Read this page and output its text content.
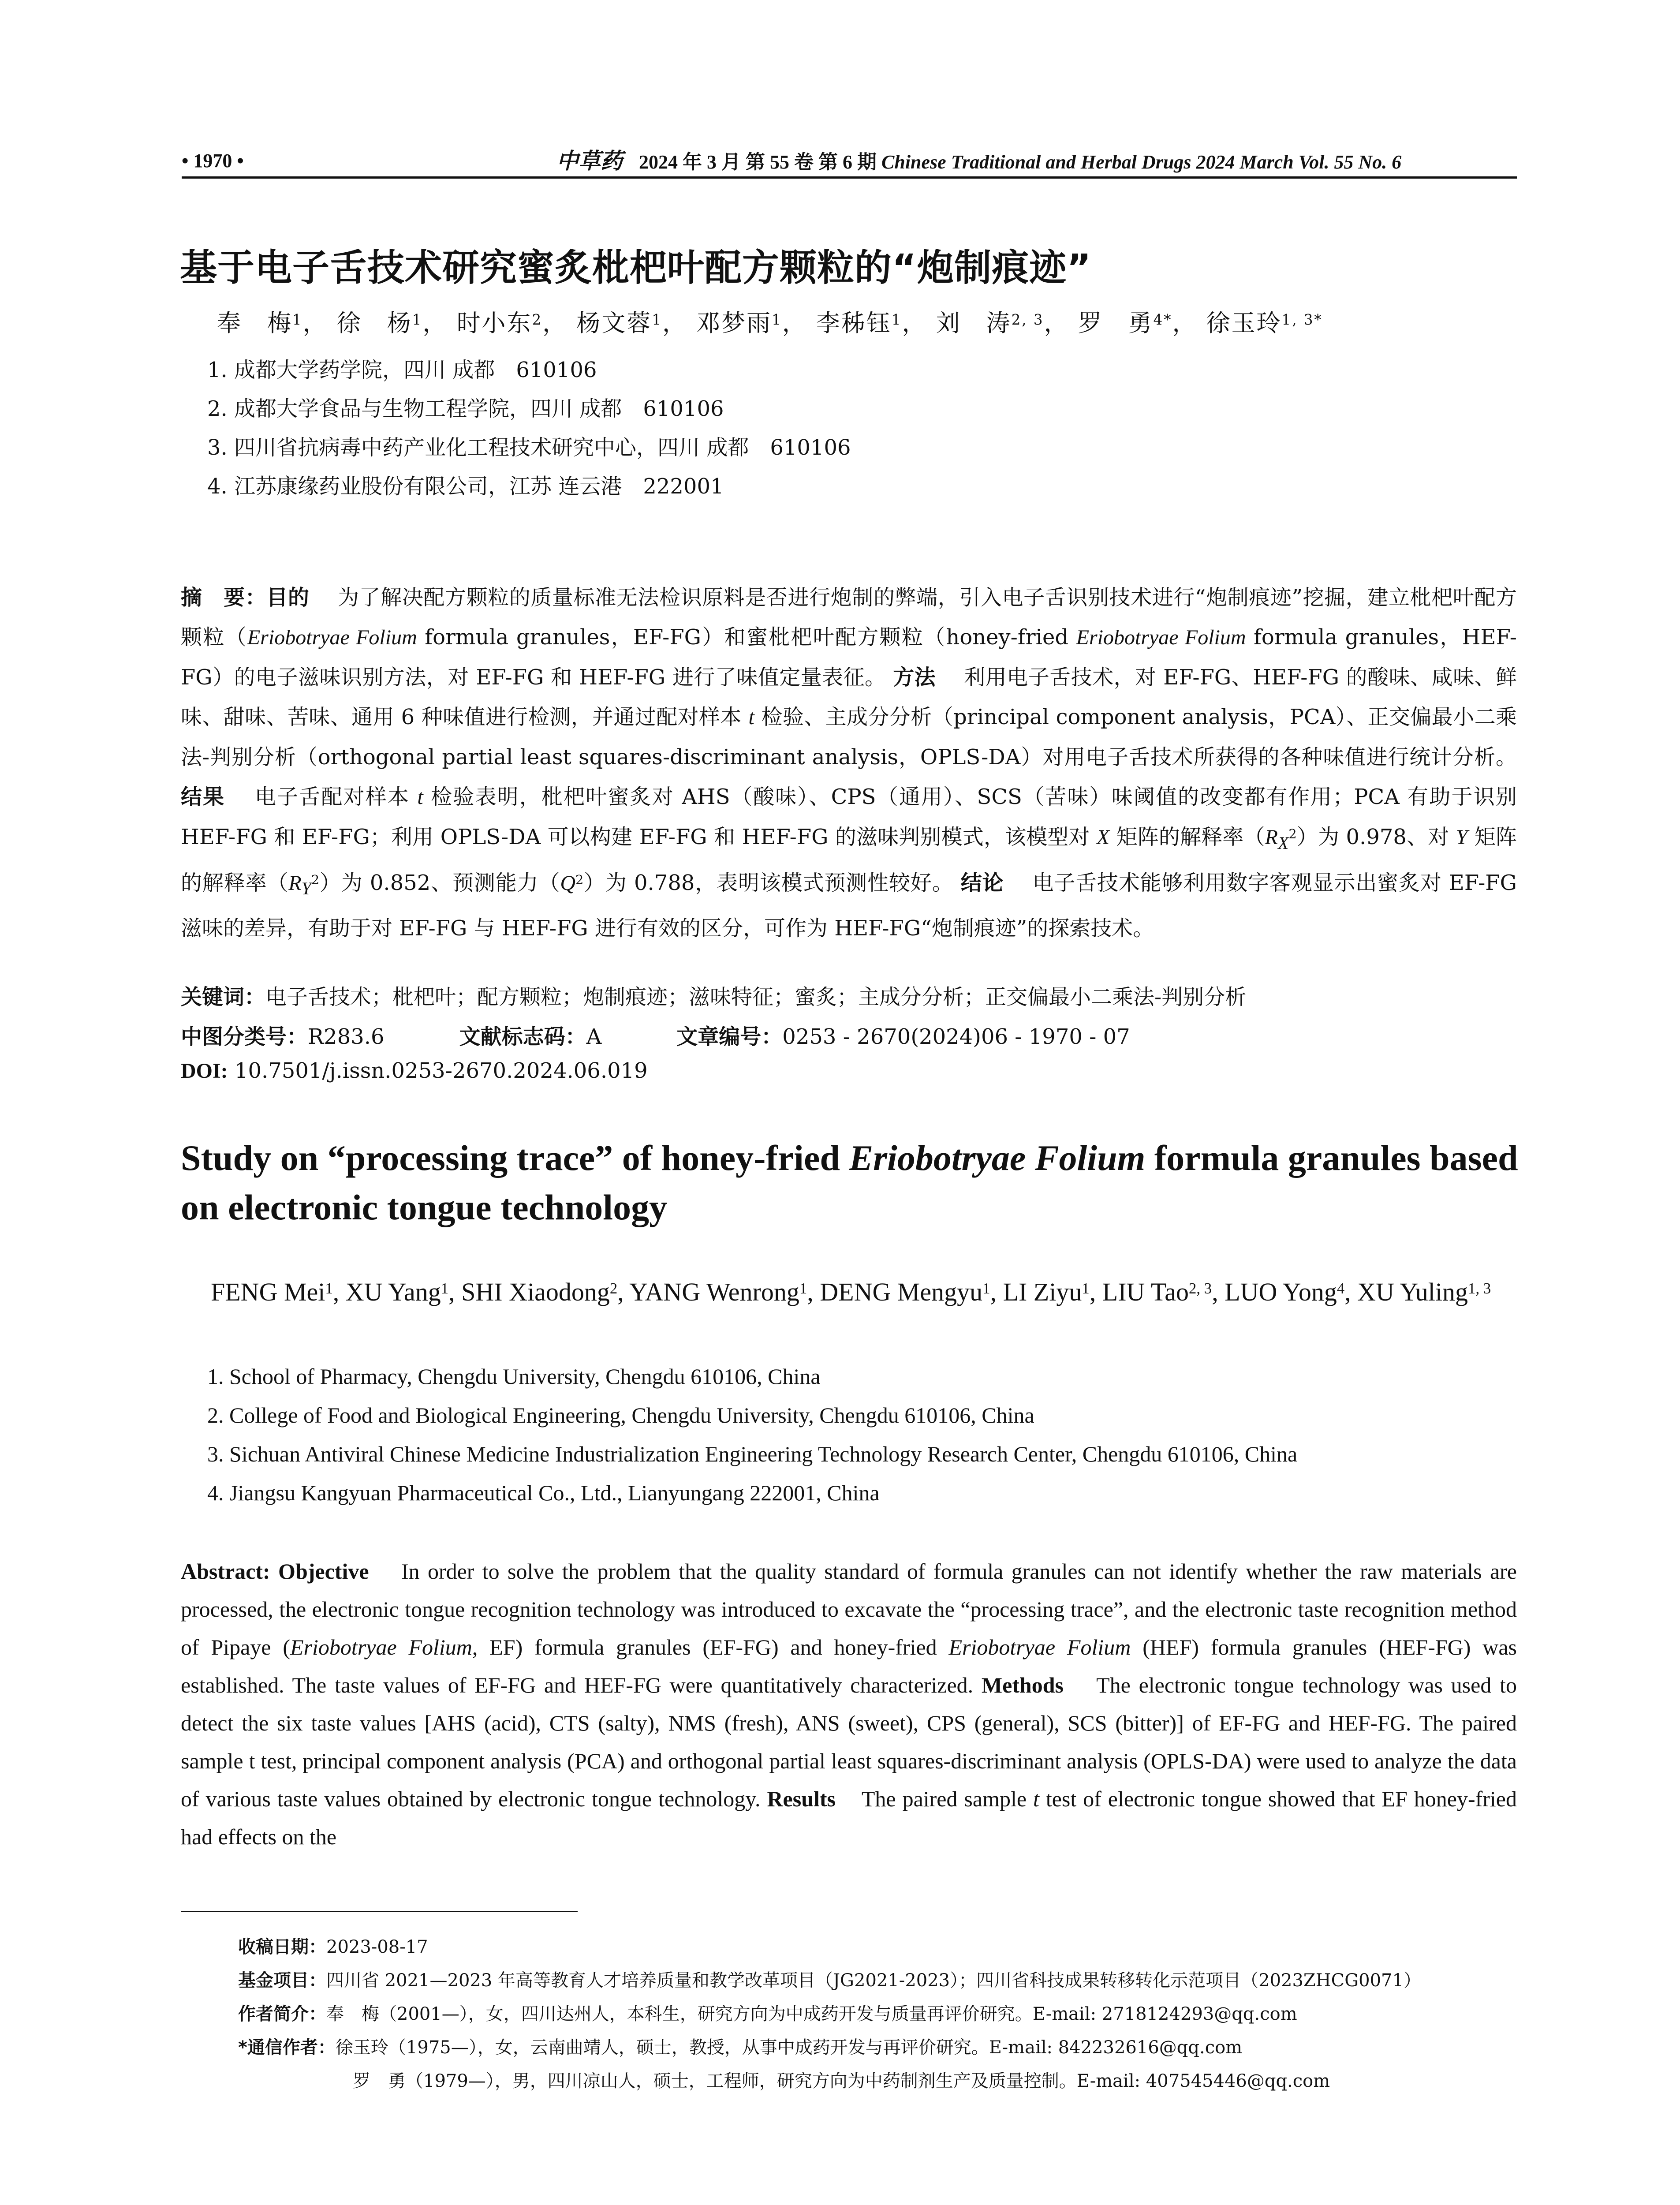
• 1970 •	中草药 2024 年 3 月 第 55 卷 第 6 期 Chinese Traditional and Herbal Drugs 2024 March Vol. 55 No. 6
基于电子舌技术研究蜜炙枇杷叶配方颗粒的“炮制痕迹”
奉　梅$^1$， 徐　杨$^1$， 时小东$^2$， 杨文蓉$^1$， 邓梦雨$^1$， 李秭钰$^1$， 刘　涛$^{2, 3}$， 罗　勇$^{4*}$， 徐玉玲$^{1, 3*}$
1. 成都大学药学院，四川 成都　610106
2. 成都大学食品与生物工程学院，四川 成都　610106
3. 四川省抗病毒中药产业化工程技术研究中心，四川 成都　610106
4. 江苏康缘药业股份有限公司，江苏 连云港　222001
摘　要：目的　 为了解决配方颗粒的质量标准无法检识原料是否进行炮制的弊端，引入电子舌识别技术进行“炮制痕迹”挖掘，建立枇杷叶配方颗粒（Eriobotryae Folium formula granules，EF-FG）和蜜枇杷叶配方颗粒（honey-fried Eriobotryae Folium formula granules，HEF-FG）的电子滋味识别方法，对 EF-FG 和 HEF-FG 进行了味值定量表征。 方法　 利用电子舌技术，对 EF-FG、HEF-FG 的酸味、咸味、鲜味、甜味、苦味、通用 6 种味值进行检测，并通过配对样本 t 检验、主成分分析（principal component analysis，PCA）、正交偏最小二乘法-判别分析（orthogonal partial least squares-discriminant analysis，OPLS-DA）对用电子舌技术所获得的各种味值进行统计分析。 结果　 电子舌配对样本 t 检验表明，枇杷叶蜜炙对 AHS（酸味）、CPS（通用）、SCS（苦味）味阈值的改变都有作用；PCA 有助于识别 HEF-FG 和 EF-FG；利用 OPLS-DA 可以构建 EF-FG 和 HEF-FG 的滋味判别模式，该模型对 X 矩阵的解释率$(R_X^2)$为 0.978、对 Y 矩阵的解释率$(R_Y^2)$为 0.852、预测能力$(Q^2)$为 0.788，表明该模式预测性较好。 结论　 电子舌技术能够利用数字客观显示出蜜炙对 EF-FG 滋味的差异，有助于对 EF-FG 与 HEF-FG 进行有效的区分，可作为 HEF-FG“炮制痕迹”的探索技术。
关键词：电子舌技术；枇杷叶；配方颗粒；炮制痕迹；滋味特征；蜜炙；主成分分析；正交偏最小二乘法-判别分析
中图分类号：R283.6	文献标志码：A	文章编号：0253 - 2670(2024)06 - 1970 - 07
DOI: 10.7501/j.issn.0253-2670.2024.06.019
Study on “processing trace” of honey-fried Eriobotryae Folium formula granules based on electronic tongue technology
FENG Mei$^1$, XU Yang$^1$, SHI Xiaodong$^2$, YANG Wenrong$^1$, DENG Mengyu$^1$, LI Ziyu$^1$, LIU Tao$^{2, 3}$, LUO Yong$^4$, XU Yuling$^{1, 3}$
1. School of Pharmacy, Chengdu University, Chengdu 610106, China
2. College of Food and Biological Engineering, Chengdu University, Chengdu 610106, China
3. Sichuan Antiviral Chinese Medicine Industrialization Engineering Technology Research Center, Chengdu 610106, China
4. Jiangsu Kangyuan Pharmaceutical Co., Ltd., Lianyungang 222001, China
Abstract: Objective In order to solve the problem that the quality standard of formula granules can not identify whether the raw materials are processed, the electronic tongue recognition technology was introduced to excavate the “processing trace”, and the electronic taste recognition method of Pipaye (Eriobotryae Folium, EF) formula granules (EF-FG) and honey-fried Eriobotryae Folium (HEF) formula granules (HEF-FG) was established. The taste values of EF-FG and HEF-FG were quantitatively characterized. Methods The electronic tongue technology was used to detect the six taste values [AHS (acid), CTS (salty), NMS (fresh), ANS (sweet), CPS (general), SCS (bitter)] of EF-FG and HEF-FG. The paired sample t test, principal component analysis (PCA) and orthogonal partial least squares-discriminant analysis (OPLS-DA) were used to analyze the data of various taste values obtained by electronic tongue technology. Results The paired sample t test of electronic tongue showed that EF honey-fried had effects on the
收稿日期：2023-08-17
基金项目：四川省 2021—2023 年高等教育人才培养质量和教学改革项目（JG2021-2023）；四川省科技成果转移转化示范项目（2023ZHCG0071）
作者简介：奉　梅（2001—），女，四川达州人，本科生，研究方向为中成药开发与质量再评价研究。E-mail: 2718124293@qq.com
*通信作者：徐玉玲（1975—），女，云南曲靖人，硕士，教授，从事中成药开发与再评价研究。E-mail: 842232616@qq.com
罗　勇（1979—），男，四川凉山人，硕士，工程师，研究方向为中药制剂生产及质量控制。E-mail: 407545446@qq.com
